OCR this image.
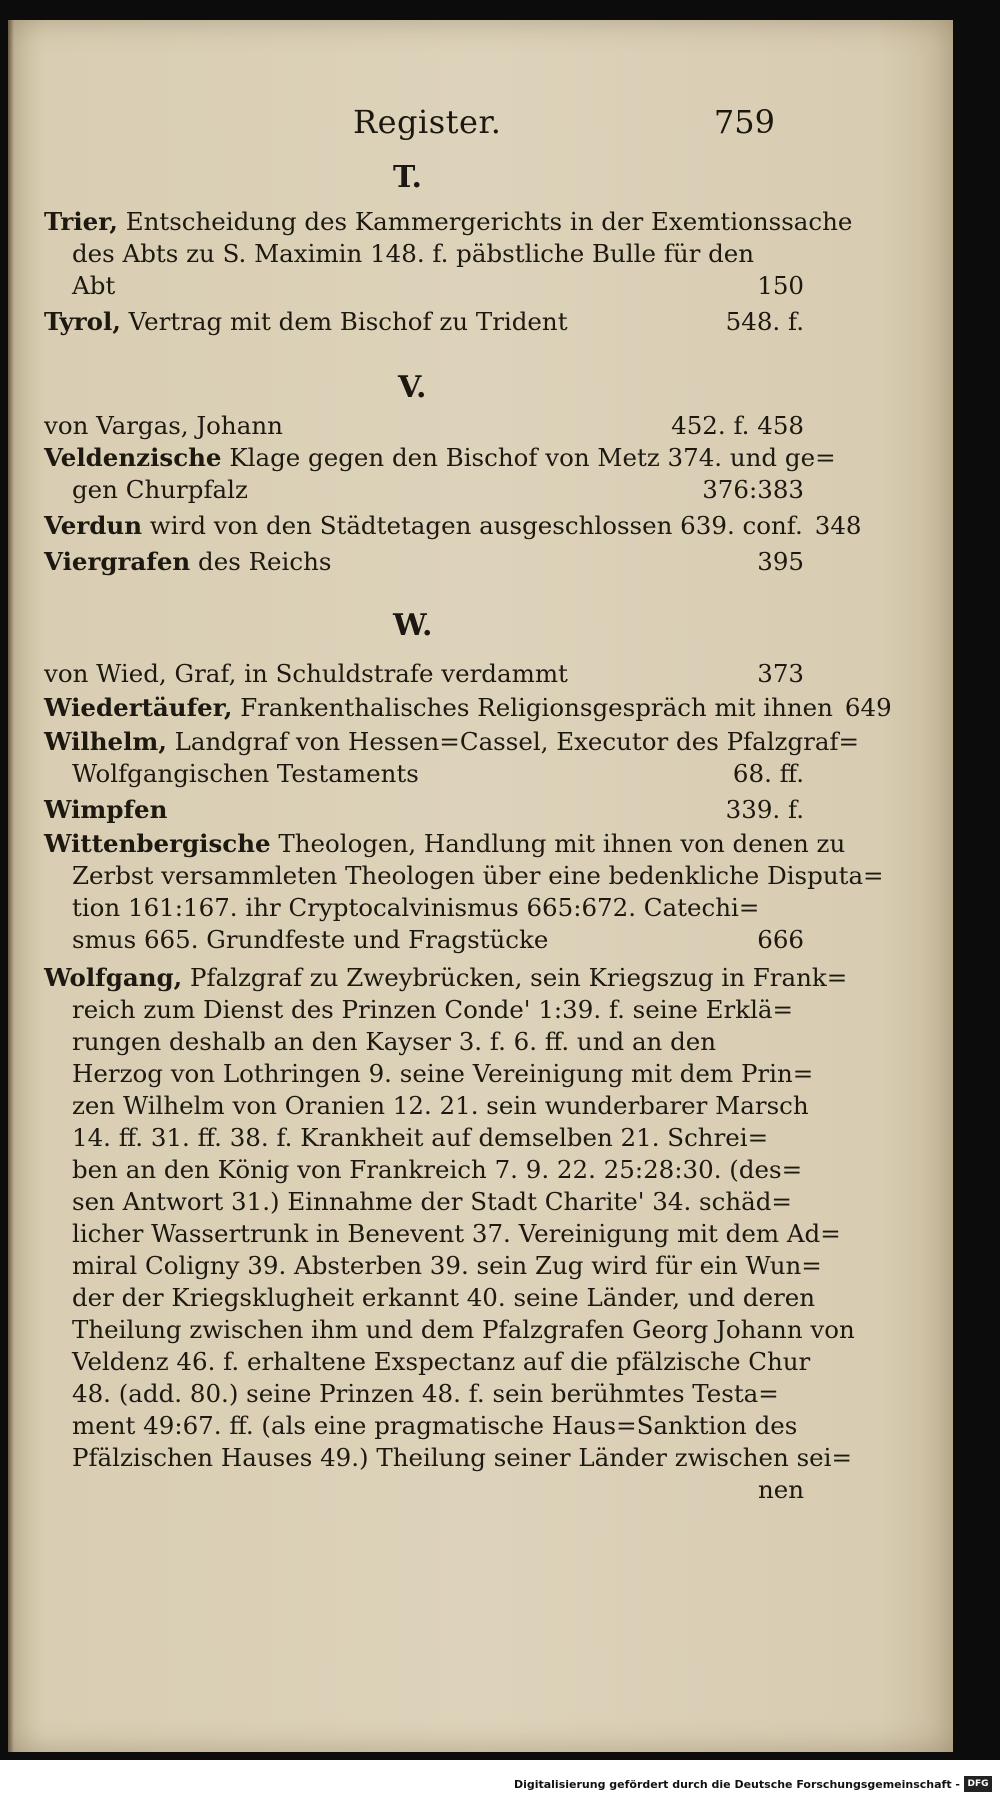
Register.	759
T.
Trier, Entscheidung des Kammergerichts in der Exemtionssache
des Abts zu S. Maximin 148. f. päbstliche Bulle für den
Abt	150
Tyrol, Vertrag mit dem Bischof zu Trident	548. f.
V.
von Vargas, Johann	452. f. 458
Veldenzische Klage gegen den Bischof von Metz 374. und ge=
gen Churpfalz	376:383
Verdun wird von den Städtetagen ausgeschlossen 639. conf. 348
Viergrafen des Reichs	395
W.
von Wied, Graf, in Schuldstrafe verdammt	373
Wiedertäufer, Frankenthalisches Religionsgespräch mit ihnen 649
Wilhelm, Landgraf von Hessen=Cassel, Executor des Pfalzgraf=
Wolfgangischen Testaments	68. ff.
Wimpfen	339. f.
Wittenbergische Theologen, Handlung mit ihnen von denen zu
Zerbst versammleten Theologen über eine bedenkliche Disputa=
tion 161:167. ihr Cryptocalvinismus 665:672. Catechi=
smus 665. Grundfeste und Fragstücke	666
Wolfgang, Pfalzgraf zu Zweybrücken, sein Kriegszug in Frank=
reich zum Dienst des Prinzen Conde' 1:39. f. seine Erklä=
rungen deshalb an den Kayser 3. f. 6. ff. und an den
Herzog von Lothringen 9. seine Vereinigung mit dem Prin=
zen Wilhelm von Oranien 12. 21. sein wunderbarer Marsch
14. ff. 31. ff. 38. f. Krankheit auf demselben 21. Schrei=
ben an den König von Frankreich 7. 9. 22. 25:28:30. (des=
sen Antwort 31.) Einnahme der Stadt Charite' 34. schäd=
licher Wassertrunk in Benevent 37. Vereinigung mit dem Ad=
miral Coligny 39. Absterben 39. sein Zug wird für ein Wun=
der der Kriegsklugheit erkannt 40. seine Länder, und deren
Theilung zwischen ihm und dem Pfalzgrafen Georg Johann von
Veldenz 46. f. erhaltene Exspectanz auf die pfälzische Chur
48. (add. 80.) seine Prinzen 48. f. sein berühmtes Testa=
ment 49:67. ff. (als eine pragmatische Haus=Sanktion des
Pfälzischen Hauses 49.) Theilung seiner Länder zwischen sei=
nen
Digitalisierung gefördert durch die Deutsche Forschungsgemeinschaft - DFG
